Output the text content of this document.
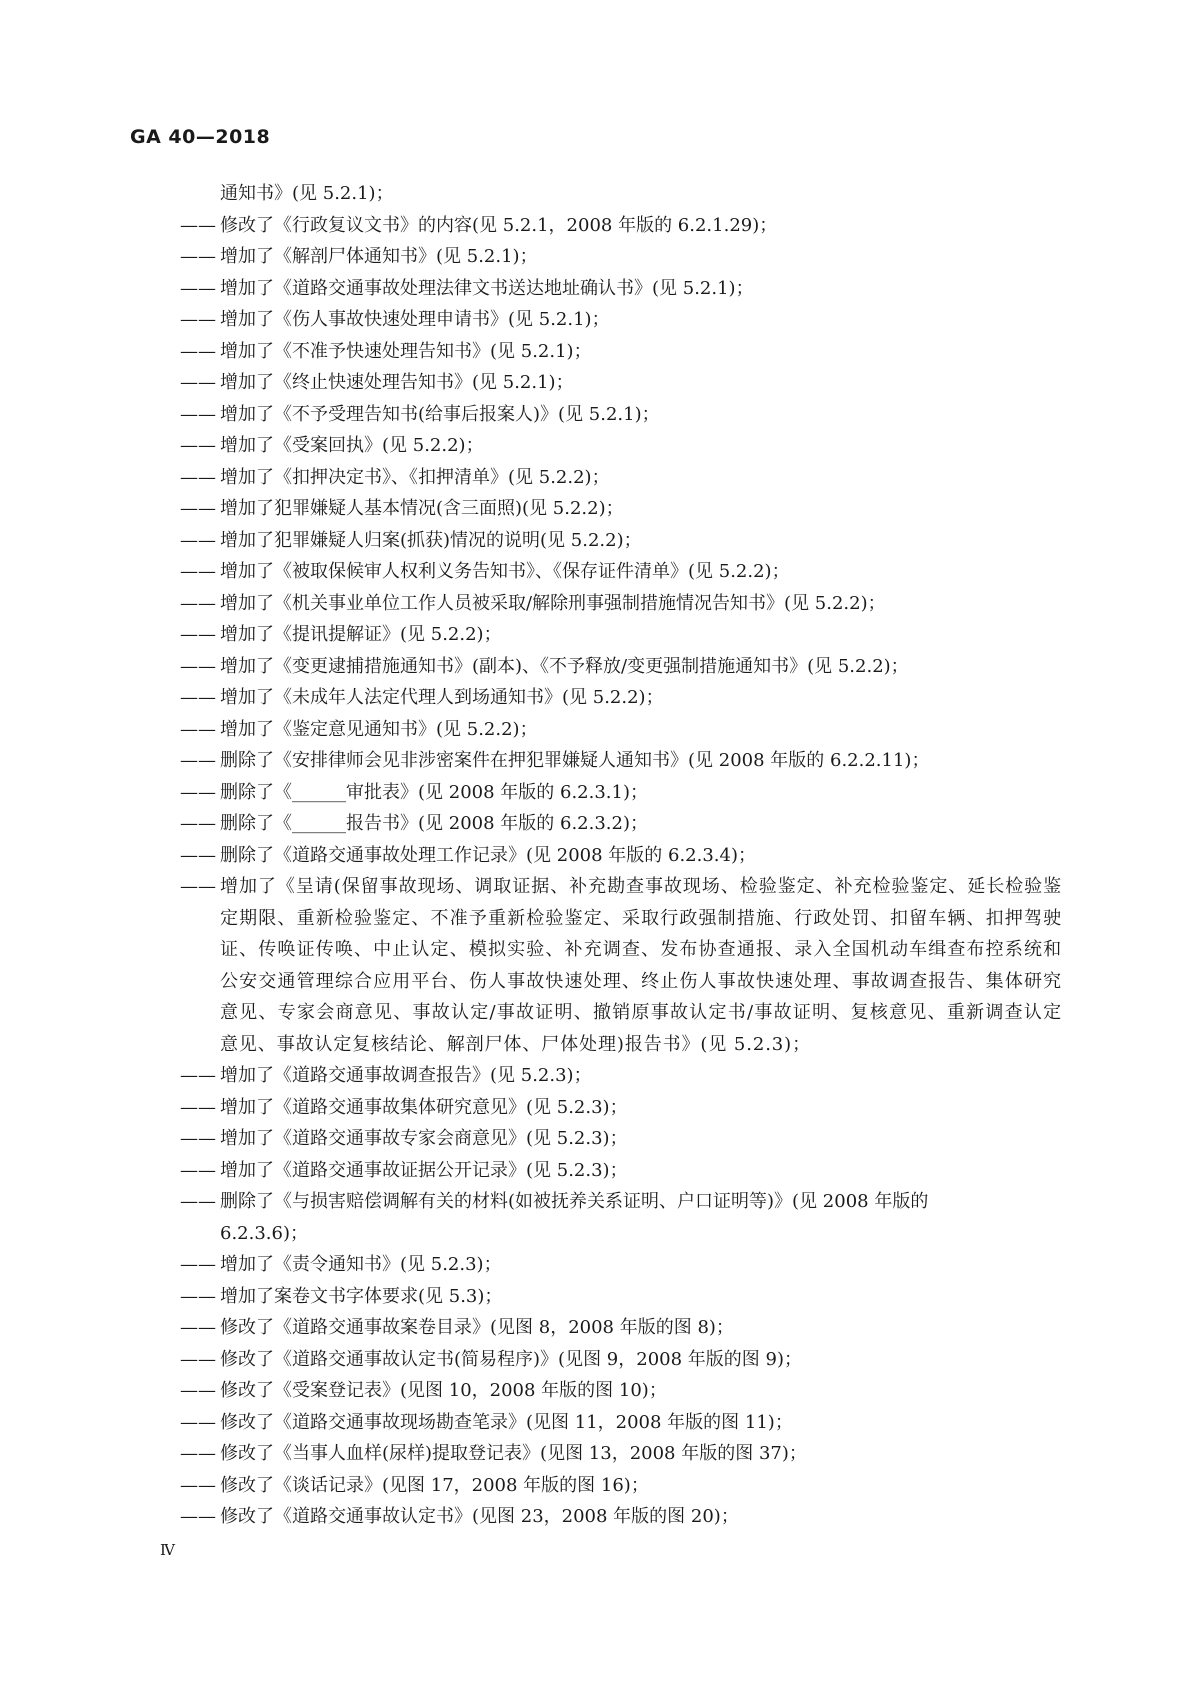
GA 40—2018

通知书》(见 5.2.1)；

—— 修改了《行政复议文书》的内容(见 5.2.1，2008 年版的 6.2.1.29)；
—— 增加了《解剖尸体通知书》(见 5.2.1)；
—— 增加了《道路交通事故处理法律文书送达地址确认书》(见 5.2.1)；
—— 增加了《伤人事故快速处理申请书》(见 5.2.1)；
—— 增加了《不准予快速处理告知书》(见 5.2.1)；
—— 增加了《终止快速处理告知书》(见 5.2.1)；
—— 增加了《不予受理告知书(给事后报案人)》(见 5.2.1)；
—— 增加了《受案回执》(见 5.2.2)；
—— 增加了《扣押决定书》、《扣押清单》(见 5.2.2)；
—— 增加了犯罪嫌疑人基本情况(含三面照)(见 5.2.2)；
—— 增加了犯罪嫌疑人归案(抓获)情况的说明(见 5.2.2)；
—— 增加了《被取保候审人权利义务告知书》、《保存证件清单》(见 5.2.2)；
—— 增加了《机关事业单位工作人员被采取/解除刑事强制措施情况告知书》(见 5.2.2)；
—— 增加了《提讯提解证》(见 5.2.2)；
—— 增加了《变更逮捕措施通知书》(副本)、《不予释放/变更强制措施通知书》(见 5.2.2)；
—— 增加了《未成年人法定代理人到场通知书》(见 5.2.2)；
—— 增加了《鉴定意见通知书》(见 5.2.2)；
—— 删除了《安排律师会见非涉密案件在押犯罪嫌疑人通知书》(见 2008 年版的 6.2.2.11)；
—— 删除了《______审批表》(见 2008 年版的 6.2.3.1)；
—— 删除了《______报告书》(见 2008 年版的 6.2.3.2)；
—— 删除了《道路交通事故处理工作记录》(见 2008 年版的 6.2.3.4)；
—— 增加了《呈请(保留事故现场、调取证据、补充勘查事故现场、检验鉴定、补充检验鉴定、延长检验鉴定期限、重新检验鉴定、不准予重新检验鉴定、采取行政强制措施、行政处罚、扣留车辆、扣押驾驶证、传唤证传唤、中止认定、模拟实验、补充调查、发布协查通报、录入全国机动车缉查布控系统和公安交通管理综合应用平台、伤人事故快速处理、终止伤人事故快速处理、事故调查报告、集体研究意见、专家会商意见、事故认定/事故证明、撤销原事故认定书/事故证明、复核意见、重新调查认定意见、事故认定复核结论、解剖尸体、尸体处理)报告书》(见 5.2.3)；
—— 增加了《道路交通事故调查报告》(见 5.2.3)；
—— 增加了《道路交通事故集体研究意见》(见 5.2.3)；
—— 增加了《道路交通事故专家会商意见》(见 5.2.3)；
—— 增加了《道路交通事故证据公开记录》(见 5.2.3)；
—— 删除了《与损害赔偿调解有关的材料(如被抚养关系证明、户口证明等)》(见 2008 年版的
6.2.3.6)；
—— 增加了《责令通知书》(见 5.2.3)；
—— 增加了案卷文书字体要求(见 5.3)；
—— 修改了《道路交通事故案卷目录》(见图 8，2008 年版的图 8)；
—— 修改了《道路交通事故认定书(简易程序)》(见图 9，2008 年版的图 9)；
—— 修改了《受案登记表》(见图 10，2008 年版的图 10)；
—— 修改了《道路交通事故现场勘查笔录》(见图 11，2008 年版的图 11)；
—— 修改了《当事人血样(尿样)提取登记表》(见图 13，2008 年版的图 37)；
—— 修改了《谈话记录》(见图 17，2008 年版的图 16)；
—— 修改了《道路交通事故认定书》(见图 23，2008 年版的图 20)；
Ⅳ
